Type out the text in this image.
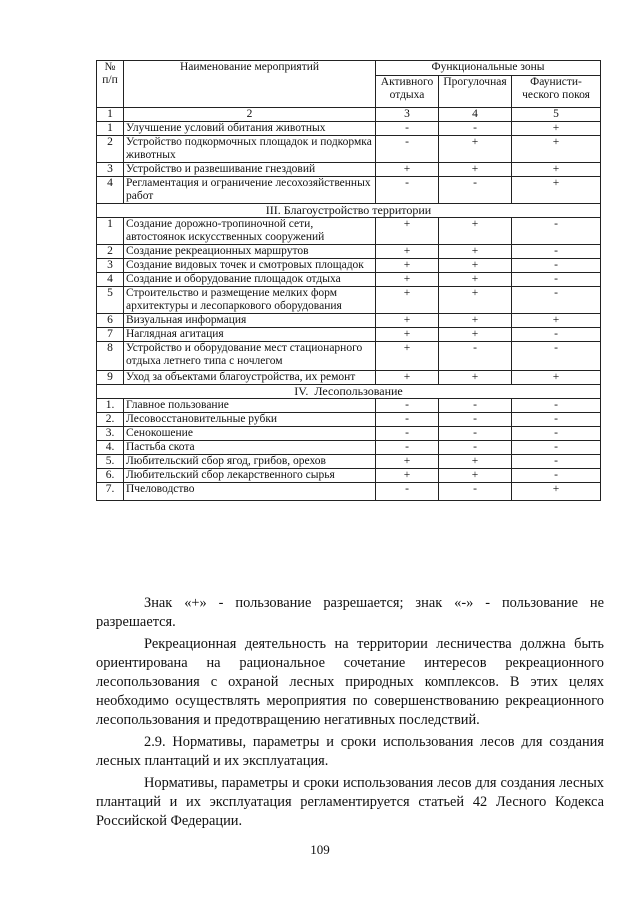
№ п/п	Наименование мероприятий	Функциональные зоны		
		Активного отдыха	Прогулочная	Фаунисти-ческого покоя
1	2	3	4	5
1	Улучшение условий обитания животных	-	-	+
2	Устройство подкормочных площадок и подкормка животных	-	+	+
3	Устройство и развешивание гнездовий	+	+	+
4	Регламентация и ограничение лесохозяйственных работ	-	-	+
III. Благоустройство территории				
1	Создание дорожно-тропиночной сети, автостоянок искусственных сооружений	+	+	-
2	Создание рекреационных маршрутов	+	+	-
3	Создание видовых точек и смотровых площадок	+	+	-
4	Создание и оборудование площадок отдыха	+	+	-
5	Строительство и размещение мелких форм архитектуры и лесопаркового оборудования	+	+	-
6	Визуальная информация	+	+	+
7	Наглядная агитация	+	+	-
8	Устройство и оборудование мест стационарного отдыха летнего типа с ночлегом	+	-	-
9	Уход за объектами благоустройства, их ремонт	+	+	+
IV.  Лесопользование				
1.	Главное пользование	-	-	-
2.	Лесовосстановительные рубки	-	-	-
3.	Сенокошение	-	-	-
4.	Пастьба скота	-	-	-
5.	Любительский сбор ягод, грибов, орехов	+	+	-
6.	Любительский сбор лекарственного сырья	+	+	-
7.	Пчеловодство	-	-	+

Знак «+» - пользование разрешается; знак «-» - пользование не разрешается.

Рекреационная деятельность на территории лесничества должна быть ориентирована на рациональное сочетание интересов рекреационного лесопользования с охраной лесных природных комплексов. В этих целях необходимо осуществлять мероприятия по совершенствованию рекреационного лесопользования и предотвращению негативных последствий.

2.9. Нормативы, параметры и сроки использования лесов для создания лесных плантаций и их эксплуатация.

Нормативы, параметры и сроки использования лесов для создания лесных плантаций и их эксплуатация регламентируется статьей 42 Лесного Кодекса Российской Федерации.

109
